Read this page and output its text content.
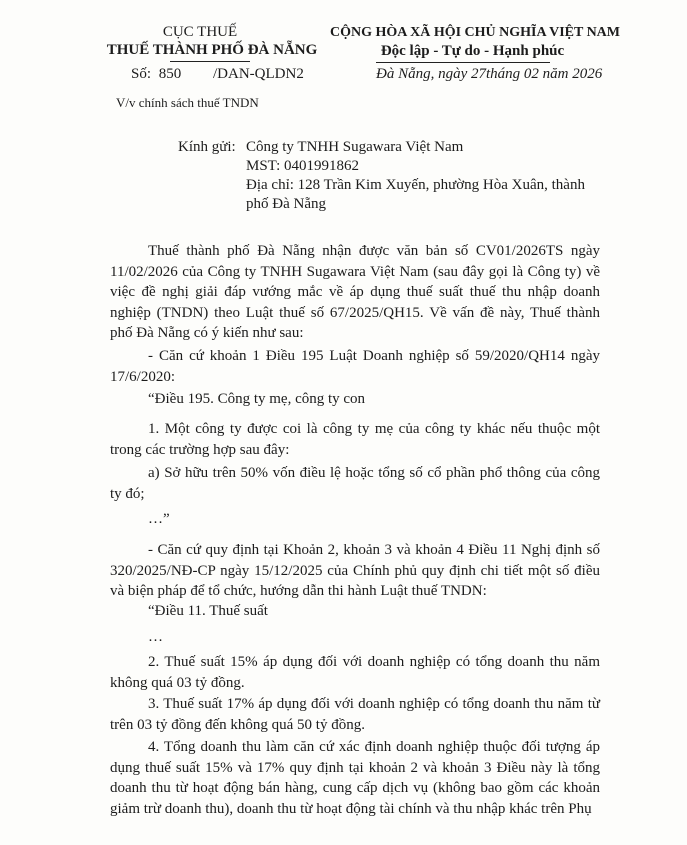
CỤC THUẾ
THUẾ THÀNH PHỐ ĐÀ NẴNG
Số: 850 /DAN-QLDN2
V/v chính sách thuế TNDN
CỘNG HÒA XÃ HỘI CHỦ NGHĨA VIỆT NAM
Độc lập - Tự do - Hạnh phúc
Đà Nẵng, ngày 27tháng 02 năm 2026
Kính gửi: Công ty TNHH Sugawara Việt Nam
MST: 0401991862
Địa chỉ: 128 Trần Kim Xuyến, phường Hòa Xuân, thành
phố Đà Nẵng
Thuế thành phố Đà Nẵng nhận được văn bản số CV01/2026TS ngày 11/02/2026 của Công ty TNHH Sugawara Việt Nam (sau đây gọi là Công ty) về việc đề nghị giải đáp vướng mắc về áp dụng thuế suất thuế thu nhập doanh nghiệp (TNDN) theo Luật thuế số 67/2025/QH15. Về vấn đề này, Thuế thành phố Đà Nẵng có ý kiến như sau:
- Căn cứ khoản 1 Điều 195 Luật Doanh nghiệp số 59/2020/QH14 ngày 17/6/2020:
“Điều 195. Công ty mẹ, công ty con
1. Một công ty được coi là công ty mẹ của công ty khác nếu thuộc một trong các trường hợp sau đây:
a) Sở hữu trên 50% vốn điều lệ hoặc tổng số cổ phần phổ thông của công ty đó;
…”
- Căn cứ quy định tại Khoản 2, khoản 3 và khoản 4 Điều 11 Nghị định số 320/2025/NĐ-CP ngày 15/12/2025 của Chính phủ quy định chi tiết một số điều và biện pháp để tổ chức, hướng dẫn thi hành Luật thuế TNDN:
“Điều 11. Thuế suất
…
2. Thuế suất 15% áp dụng đối với doanh nghiệp có tổng doanh thu năm không quá 03 tỷ đồng.
3. Thuế suất 17% áp dụng đối với doanh nghiệp có tổng doanh thu năm từ trên 03 tỷ đồng đến không quá 50 tỷ đồng.
4. Tổng doanh thu làm căn cứ xác định doanh nghiệp thuộc đối tượng áp dụng thuế suất 15% và 17% quy định tại khoản 2 và khoản 3 Điều này là tổng doanh thu từ hoạt động bán hàng, cung cấp dịch vụ (không bao gồm các khoản giảm trừ doanh thu), doanh thu từ hoạt động tài chính và thu nhập khác trên Phụ
